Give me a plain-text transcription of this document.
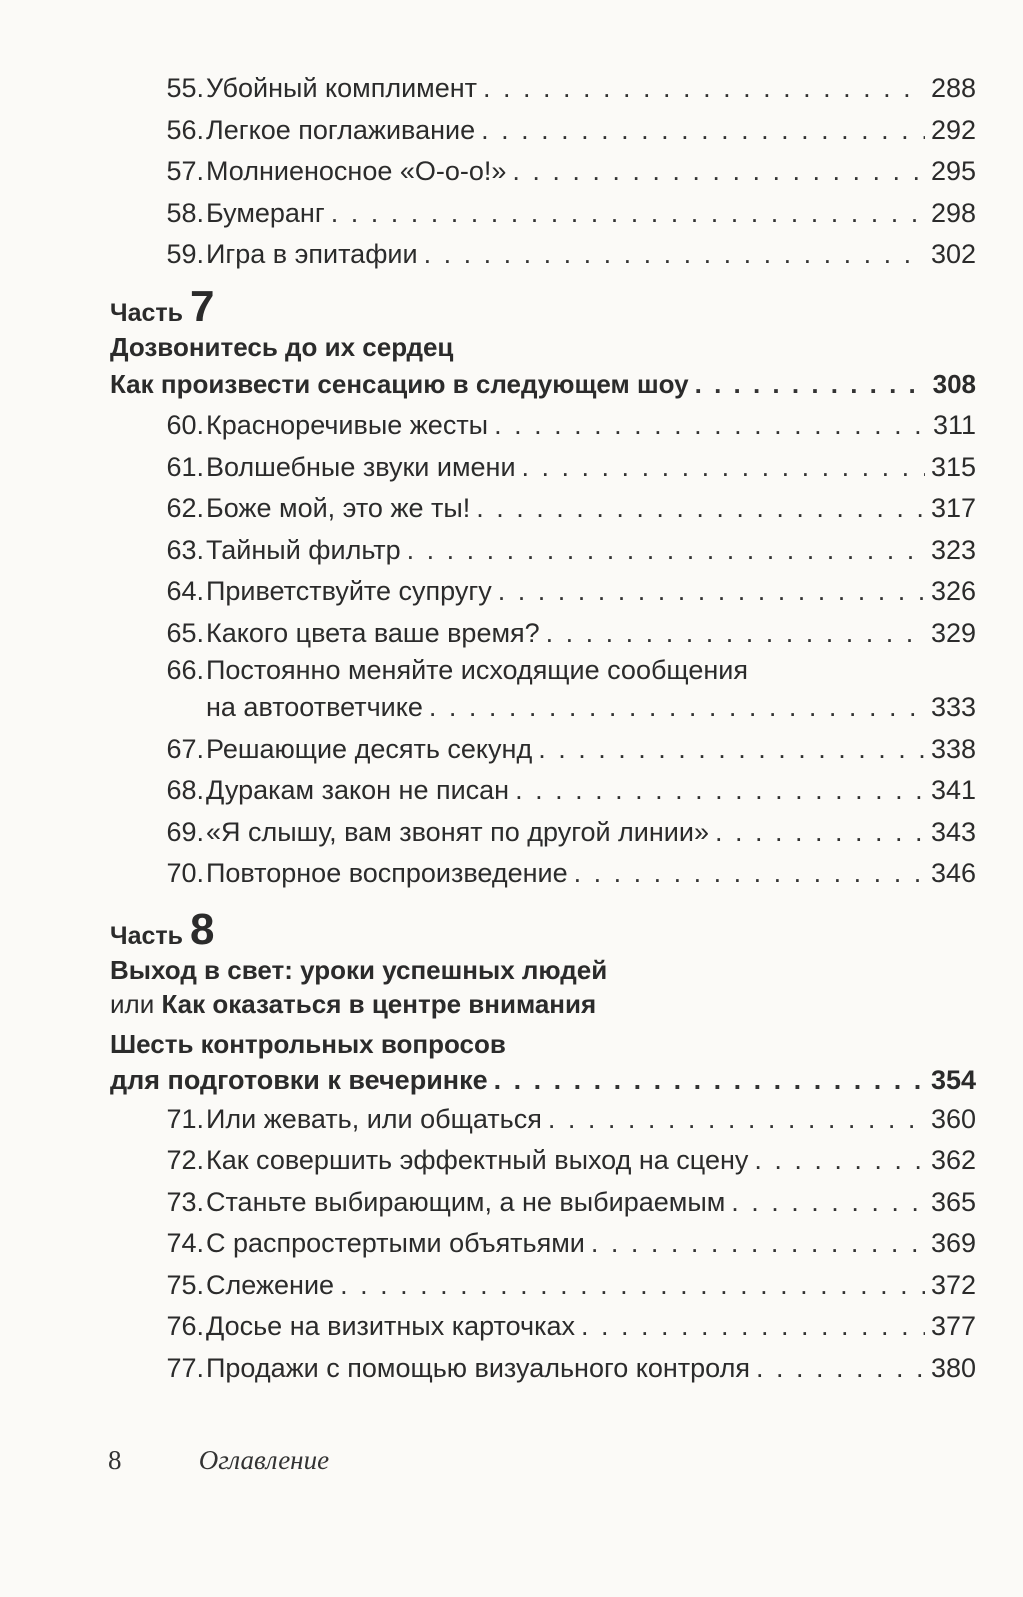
55. Убойный комплимент . . .	288
56. Легкое поглаживание . . .	292
57. Молниеносное «О-о-о!» . . .	295
58. Бумеранг . . .	298
59. Игра в эпитафии . . .	302
Часть 7
Дозвонитесь до их сердец
Как произвести сенсацию в следующем шоу . . .	308
60. Красноречивые жесты . . .	311
61. Волшебные звуки имени . . .	315
62. Боже мой, это же ты! . . .	317
63. Тайный фильтр . . .	323
64. Приветствуйте супругу . . .	326
65. Какого цвета ваше время? . . .	329
66. Постоянно меняйте исходящие сообщения
на автоответчике . . .	333
67. Решающие десять секунд . . .	338
68. Дуракам закон не писан . . .	341
69. «Я слышу, вам звонят по другой линии» . . .	343
70. Повторное воспроизведение . . .	346
Часть 8
Выход в свет: уроки успешных людей
или Как оказаться в центре внимания
Шесть контрольных вопросов
для подготовки к вечеринке . . .	354
71. Или жевать, или общаться . . .	360
72. Как совершить эффектный выход на сцену . . .	362
73. Станьте выбирающим, а не выбираемым . . .	365
74. С распростертыми объятьями . . .	369
75. Слежение . . .	372
76. Досье на визитных карточках . . .	377
77. Продажи с помощью визуального контроля . . .	380
8	Оглавление
